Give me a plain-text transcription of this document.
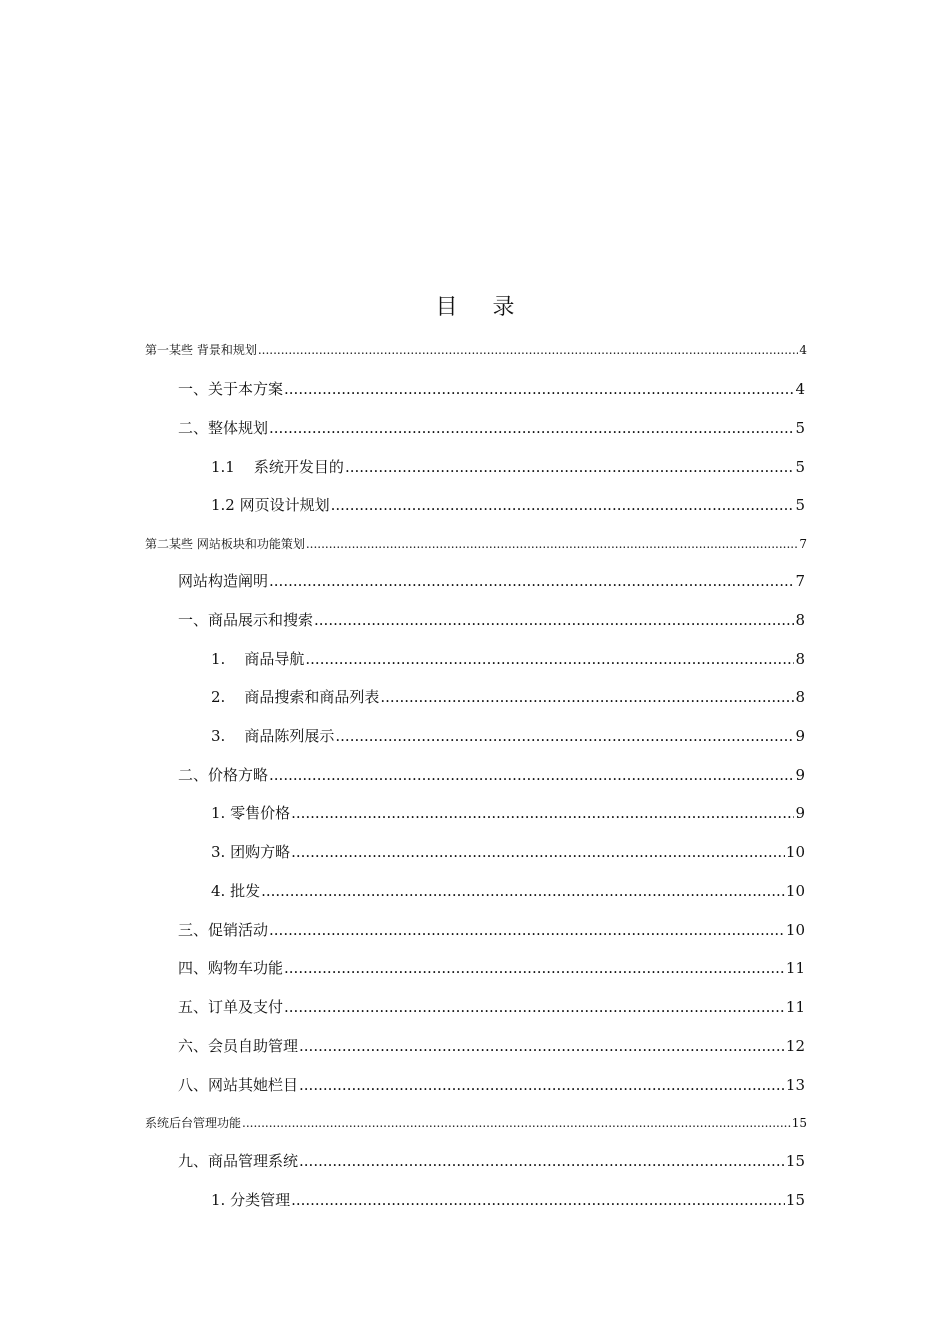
目 录
第一某些 背景和规划 .....	4
一、关于本方案 .....	4
二、整体规划 .....	5
1.1    系统开发目的 .....	5
1.2 网页设计规划 .....	5
第二某些 网站板块和功能策划 .....	7
网站构造阐明 .....	7
一、商品展示和搜索 .....	8
1.    商品导航 .....	8
2.    商品搜索和商品列表 .....	8
3.    商品陈列展示 .....	9
二、价格方略 .....	9
1. 零售价格 .....	9
3. 团购方略 .....	10
4. 批发 .....	10
三、促销活动 .....	10
四、购物车功能 .....	11
五、订单及支付 .....	11
六、会员自助管理 .....	12
八、网站其她栏目 .....	13
系统后台管理功能 .....	15
九、商品管理系统 .....	15
1. 分类管理 .....	15
